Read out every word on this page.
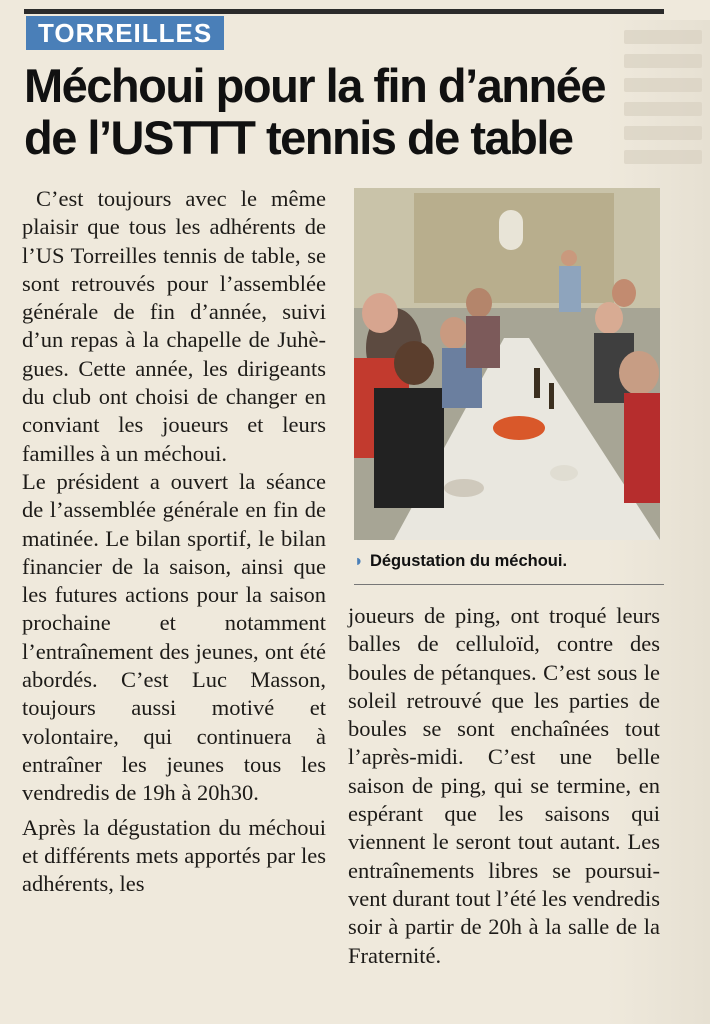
TORREILLES
Méchoui pour la fin d’année de l’USTTT tennis de table

C’est toujours avec le même plaisir que tous les adhérents de l’US Torreilles tennis de table, se sont retrouvés pour l’assemblée générale de fin d’année, suivi d’un repas à la chapelle de Juhègues. Cette année, les dirigeants du club ont choisi de changer en conviant les joueurs et leurs familles à un méchoui.

Le président a ouvert la séance de l’assemblée générale en fin de matinée. Le bilan sportif, le bilan financier de la saison, ainsi que les futures actions pour la saison prochaine et notamment l’entraînement des jeunes, ont été abordés. C’est Luc Masson, toujours aussi motivé et volontaire, qui continuera à entraîner les jeunes tous les vendredis de 19h à 20h30.

Après la dégustation du méchoui et différents mets apportés par les adhérents, les

◗ Dégustation du méchoui.

joueurs de ping, ont troqué leurs balles de celluloïd, contre des boules de pétanques. C’est sous le soleil retrouvé que les parties de boules se sont enchaînées tout l’après-midi. C’est une belle saison de ping, qui se termine, en espérant que les saisons qui viennent le seront tout autant. Les entraînements libres se poursuivent durant tout l’été les vendredis soir à partir de 20h à la salle de la Fraternité.
